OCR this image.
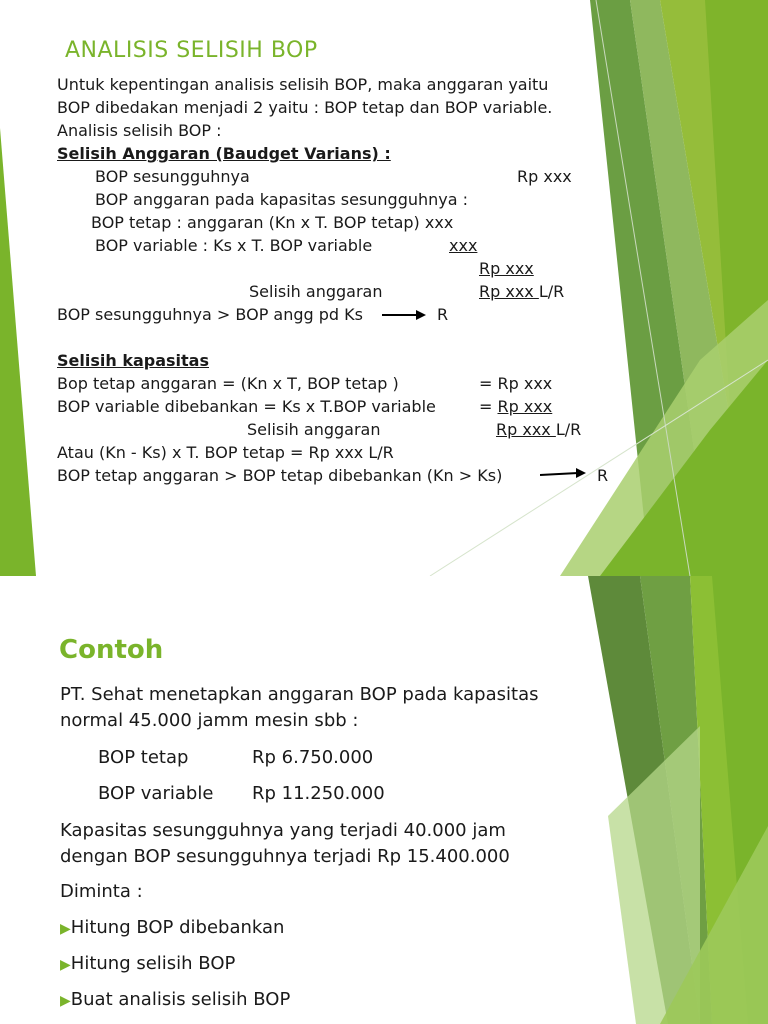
ANALISIS SELISIH BOP
Untuk kepentingan analisis selisih BOP, maka anggaran yaitu
BOP dibedakan menjadi 2 yaitu : BOP tetap dan BOP variable.
Analisis selisih BOP :
Selisih Anggaran (Baudget Varians) :
BOP sesungguhnya	Rp xxx
BOP anggaran pada kapasitas sesungguhnya :
BOP tetap : anggaran (Kn x T. BOP tetap) xxx
BOP variable : Ks x T. BOP variable	xxx
Rp xxx
Selisih anggaran	Rp xxx L/R
BOP sesungguhnya > BOP angg pd Ks	R
Selisih kapasitas
Bop tetap anggaran = (Kn x T, BOP tetap )	= Rp xxx
BOP variable dibebankan = Ks x T.BOP variable	= Rp xxx
Selisih anggaran	Rp xxx L/R
Atau (Kn - Ks) x T. BOP tetap = Rp xxx L/R
BOP tetap anggaran > BOP tetap dibebankan (Kn > Ks)	R
Contoh
PT. Sehat menetapkan anggaran BOP pada kapasitas
normal 45.000 jamm mesin sbb :
BOP tetap	Rp 6.750.000
BOP variable Rp 11.250.000
Kapasitas sesungguhnya yang terjadi 40.000 jam
dengan BOP sesungguhnya terjadi Rp 15.400.000
Diminta :
▶Hitung BOP dibebankan
▶Hitung selisih BOP
▶Buat analisis selisih BOP
